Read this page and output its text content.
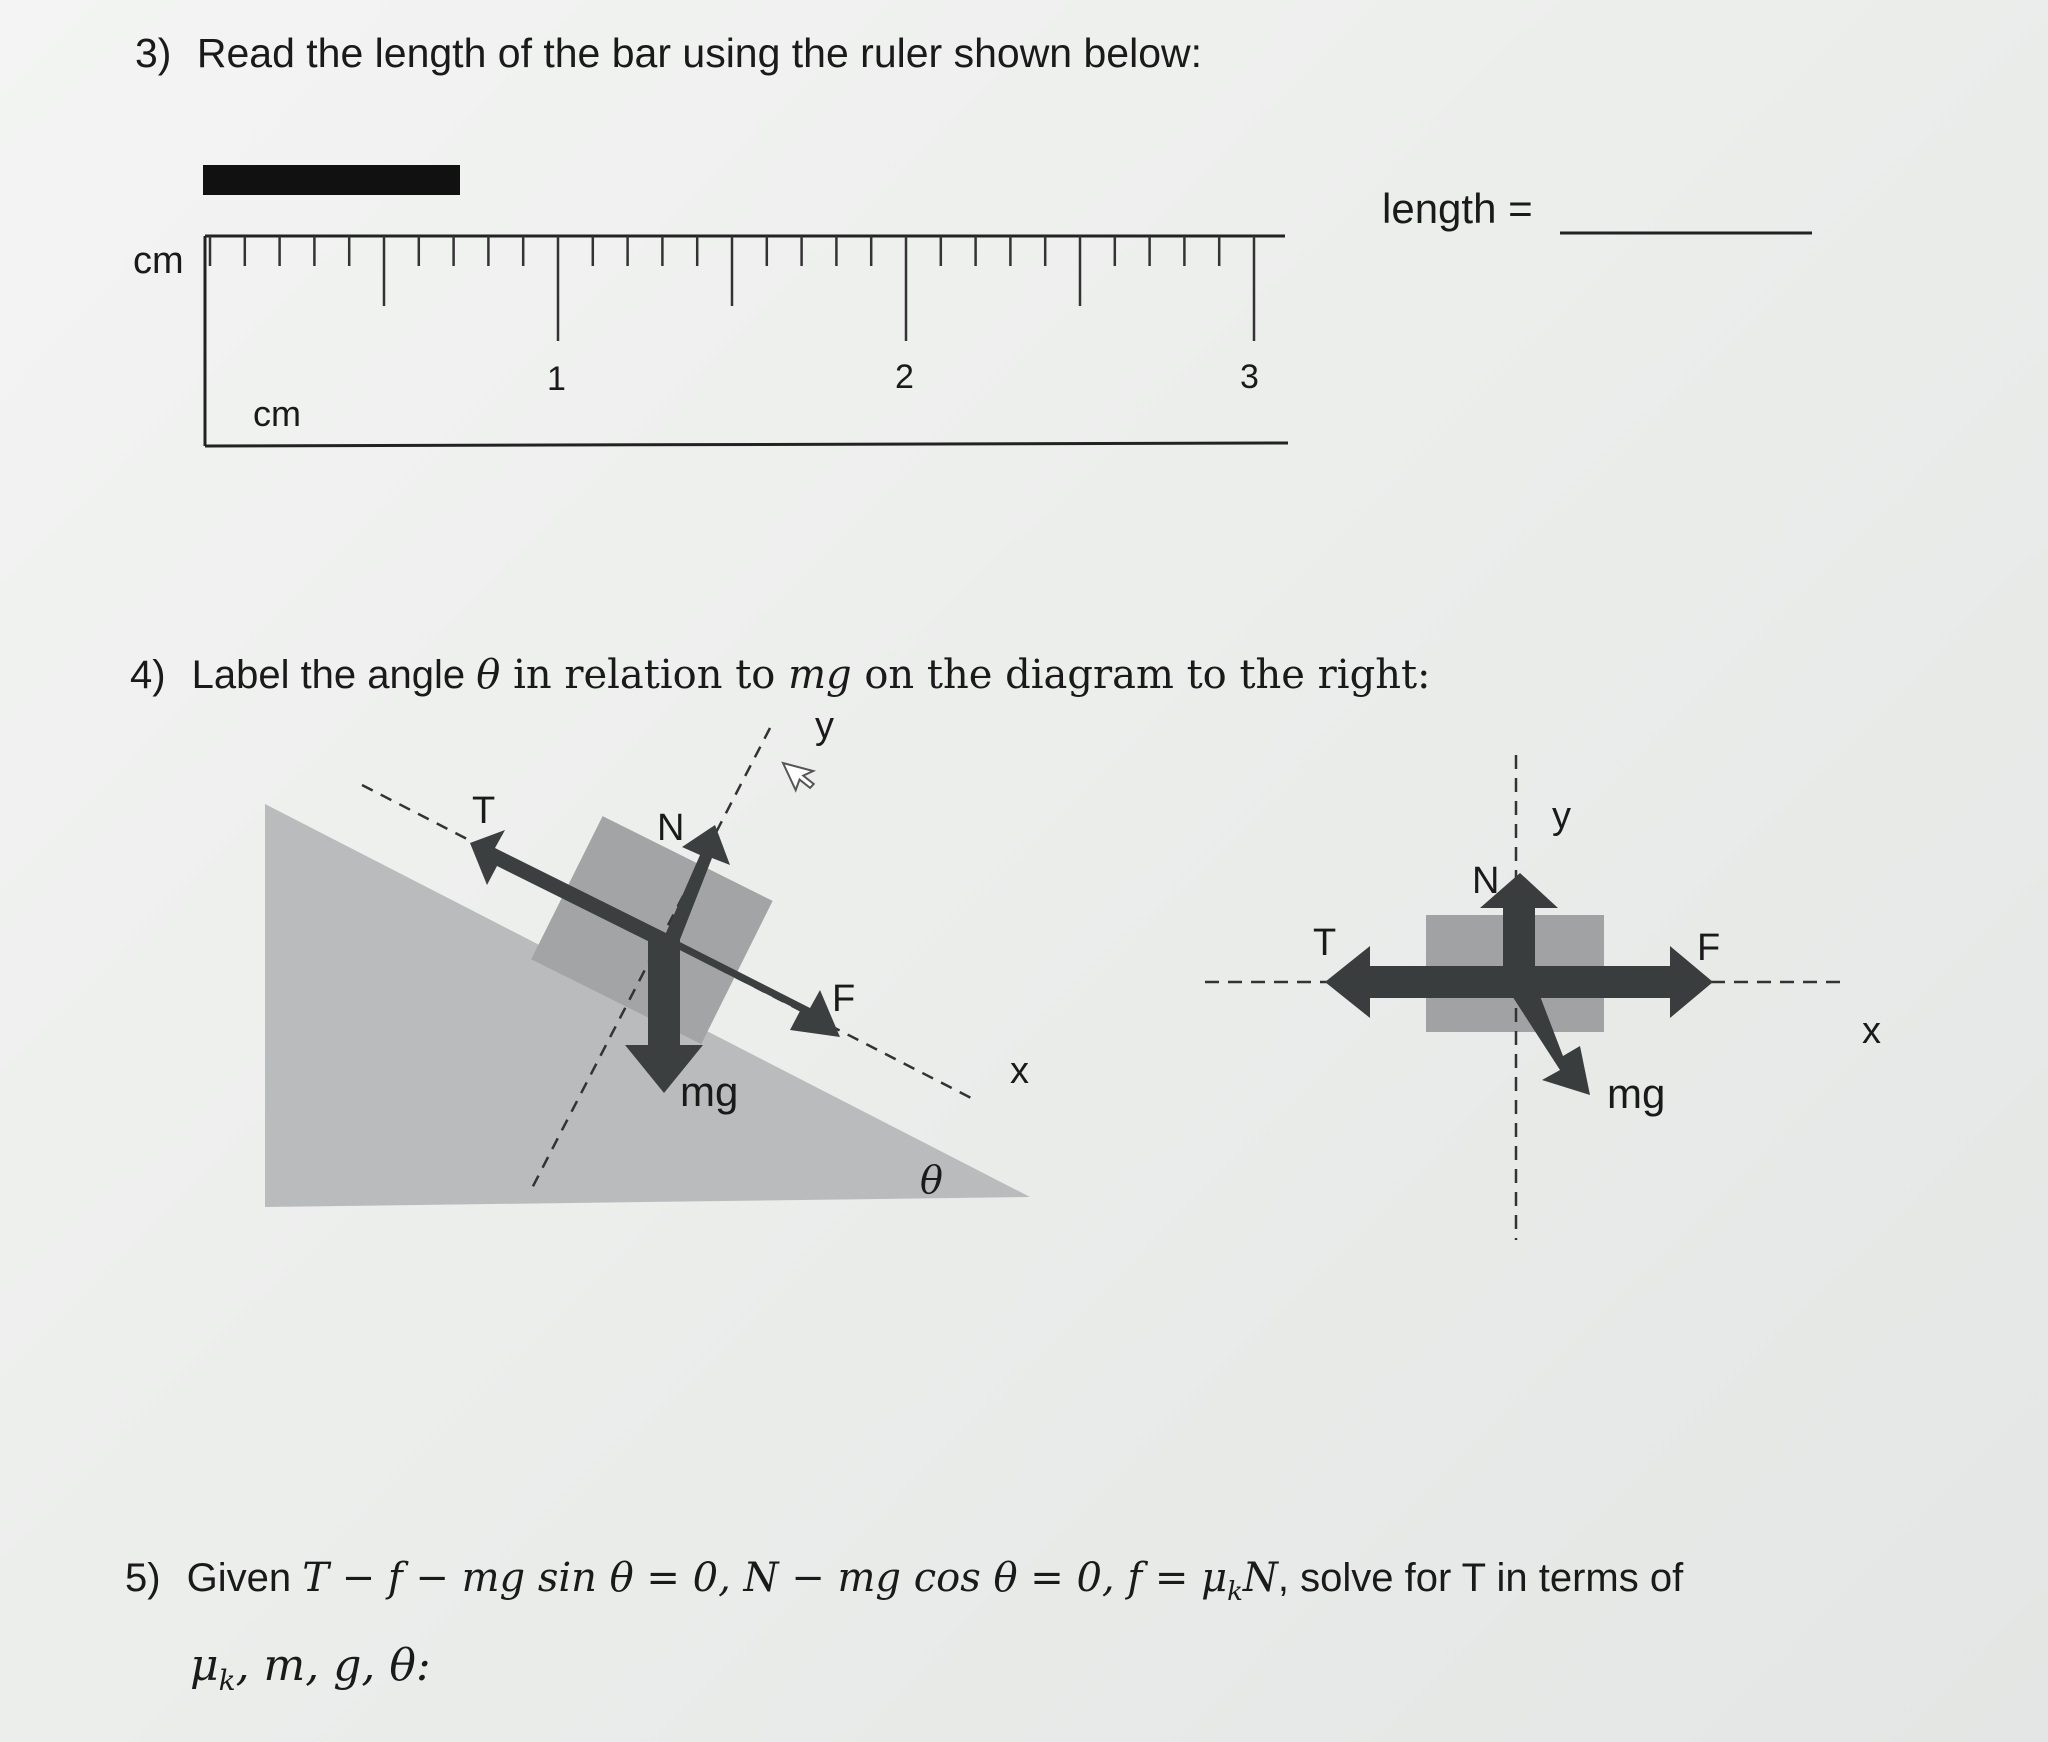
3) Read the length of the bar using the ruler shown below:
cm
cm
1	2	3
length =
4) Label the angle θ in relation to mg on the diagram to the right:
y
T	N
F
mg	x
θ
y
N
T	F
mg
x
5) Given T − f − mg sin θ = 0, N − mg cos θ = 0, $f = \mu_kN$, solve for T in terms of
$\mu_k$, m, g, θ:
